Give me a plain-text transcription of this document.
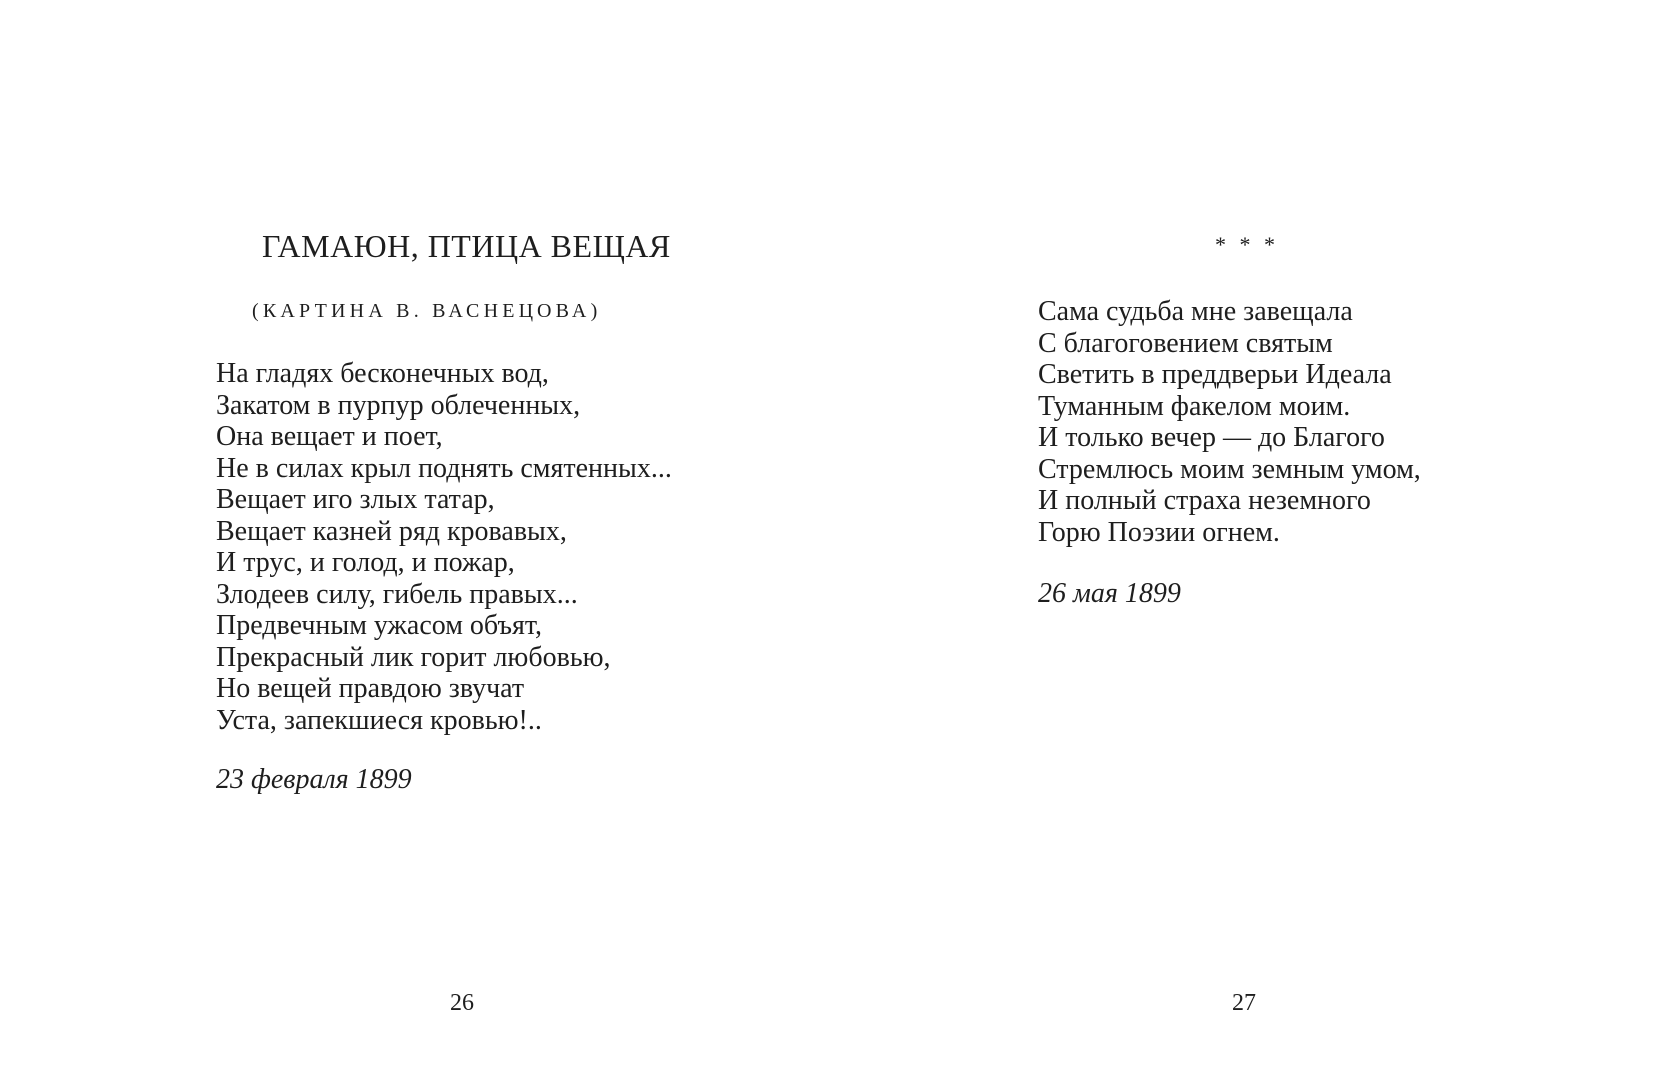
ГАМАЮН, ПТИЦА ВЕЩАЯ
(КАРТИНА В. ВАСНЕЦОВА)
На гладях бесконечных вод,
Закатом в пурпур облеченных,
Она вещает и поет,
Не в силах крыл поднять смятенных...
Вещает иго злых татар,
Вещает казней ряд кровавых,
И трус, и голод, и пожар,
Злодеев силу, гибель правых...
Предвечным ужасом объят,
Прекрасный лик горит любовью,
Но вещей правдою звучат
Уста, запекшиеся кровью!..
23 февраля 1899
26
* * *
Сама судьба мне завещала
С благоговением святым
Светить в преддверьи Идеала
Туманным факелом моим.
И только вечер — до Благого
Стремлюсь моим земным умом,
И полный страха неземного
Горю Поэзии огнем.
26 мая 1899
27
